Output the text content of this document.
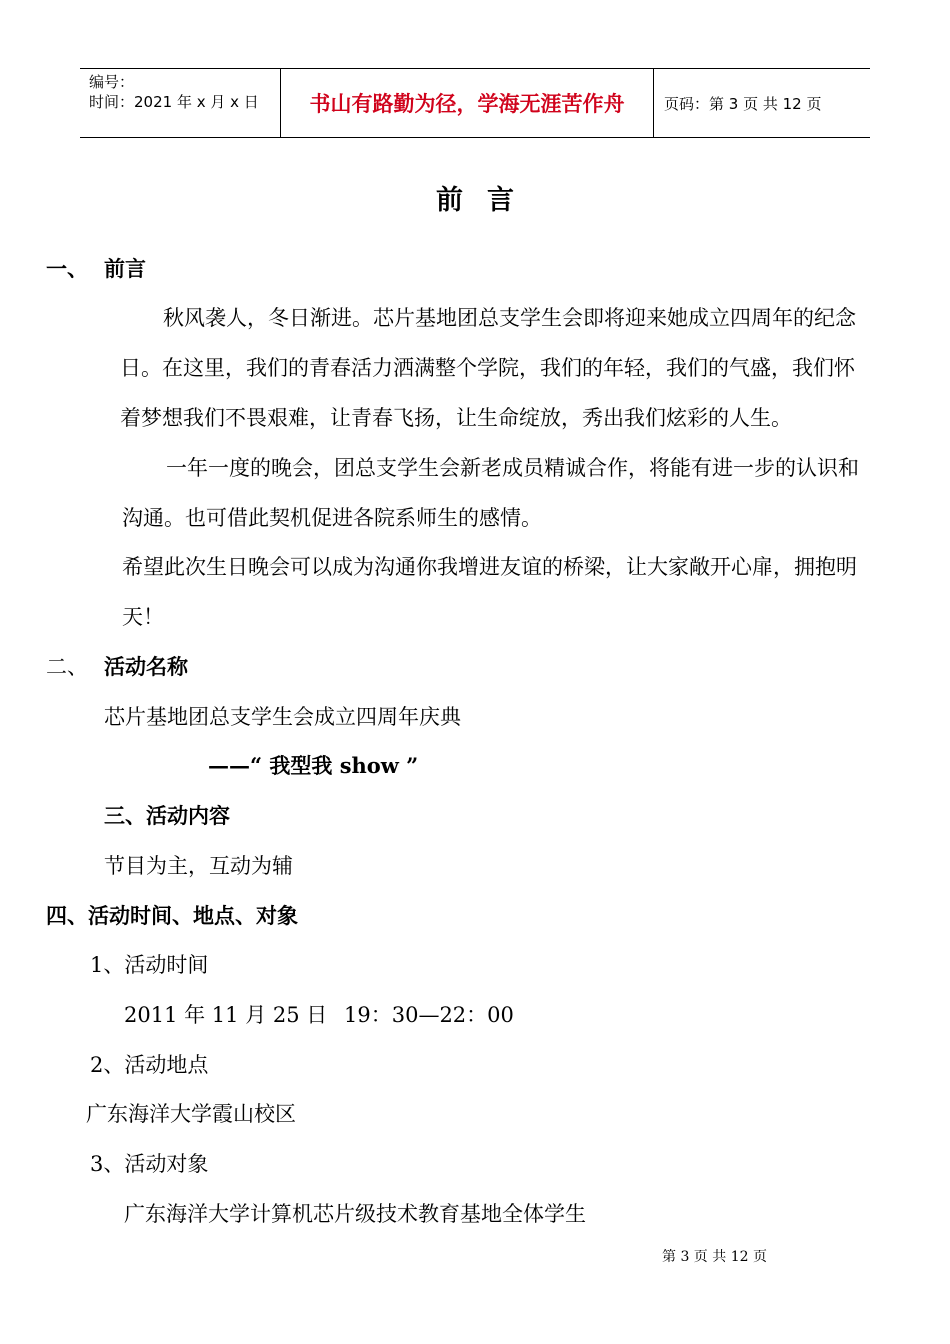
编号：
时间：2021 年 x 月 x 日	书山有路勤为径，学海无涯苦作舟	页码：第 3 页 共 12 页
前言
一、 前言
秋风袭人，冬日渐进。芯片基地团总支学生会即将迎来她成立四周年的纪念
日。在这里，我们的青春活力洒满整个学院，我们的年轻，我们的气盛，我们怀
着梦想我们不畏艰难，让青春飞扬，让生命绽放，秀出我们炫彩的人生。
一年一度的晚会，团总支学生会新老成员精诚合作，将能有进一步的认识和
沟通。也可借此契机促进各院系师生的感情。
希望此次生日晚会可以成为沟通你我增进友谊的桥梁，让大家敞开心扉，拥抱明
天！
二、 活动名称
芯片基地团总支学生会成立四周年庆典
——“ 我型我 show ”
三、活动内容
节目为主，互动为辅
四、活动时间、地点、对象
1、活动时间
2011 年 11 月 25 日 19：30—22：00
2、活动地点
广东海洋大学霞山校区
3、活动对象
广东海洋大学计算机芯片级技术教育基地全体学生
第 3 页 共 12 页
